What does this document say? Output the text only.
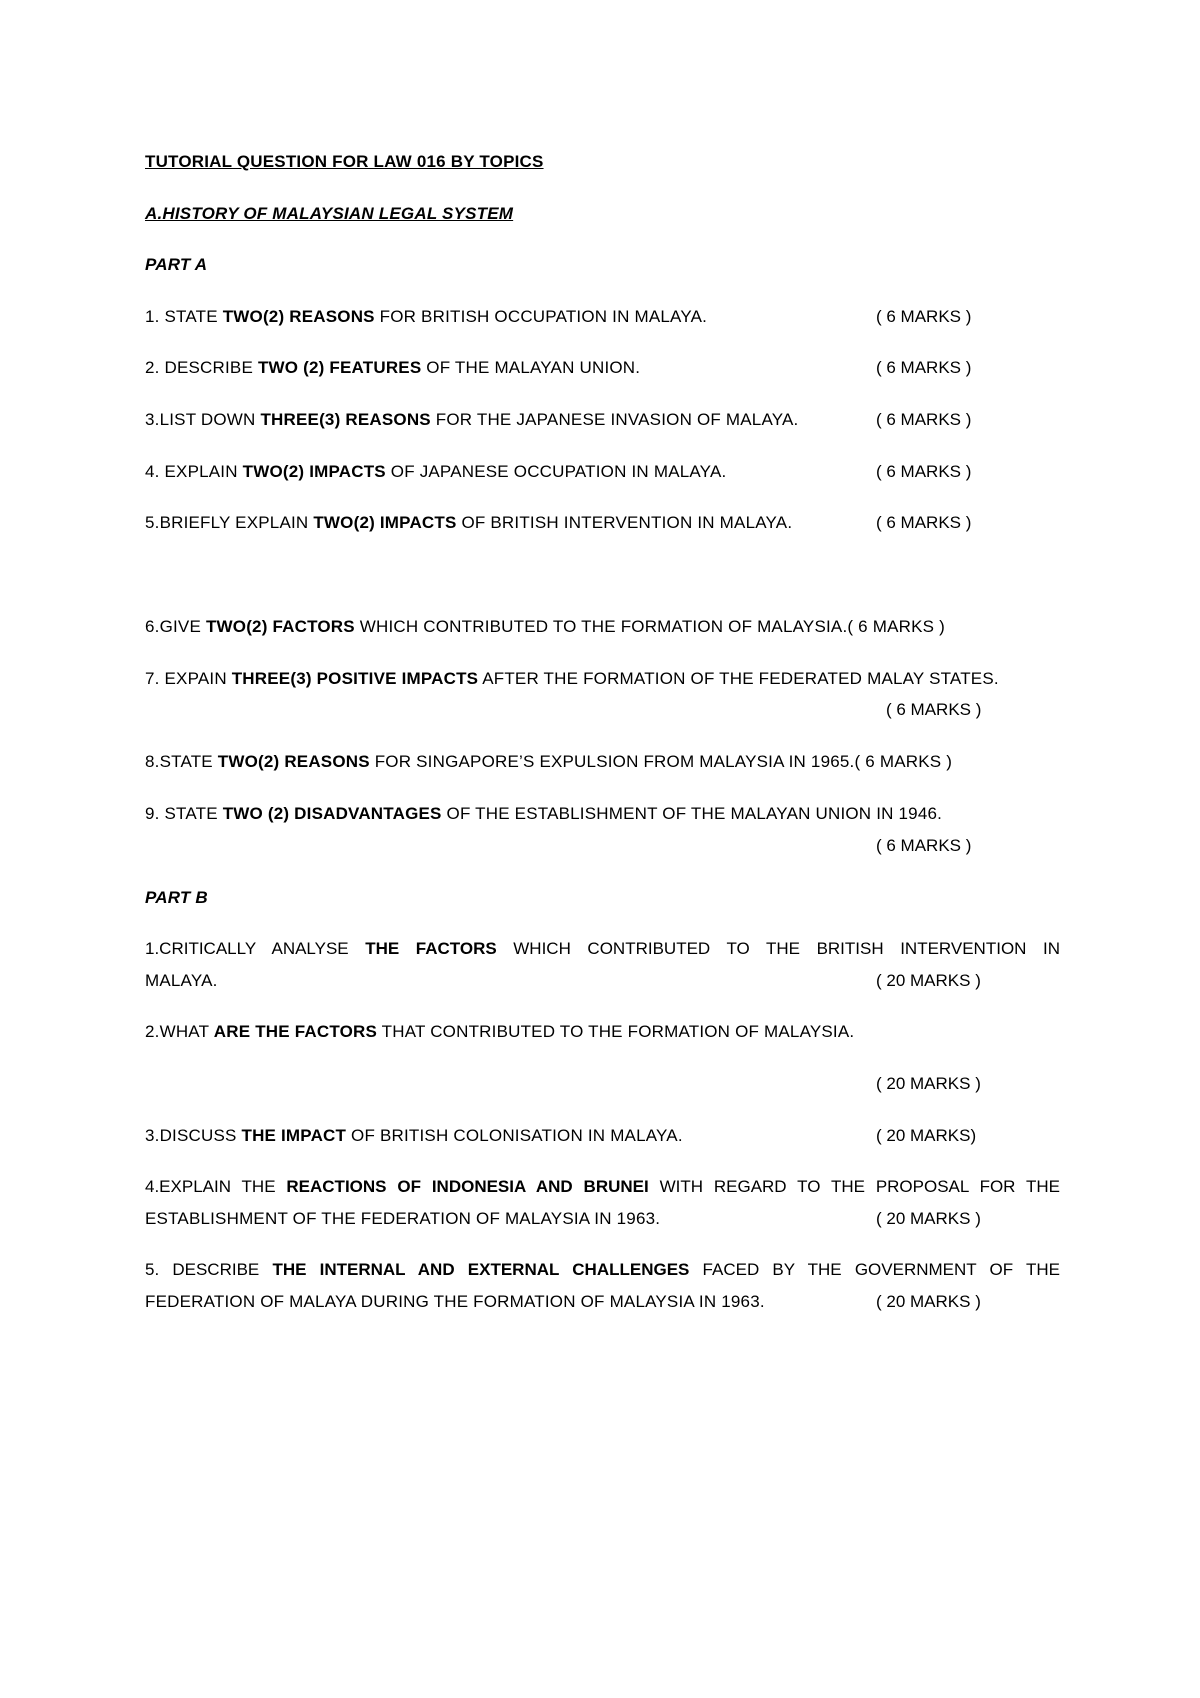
TUTORIAL QUESTION FOR LAW 016 BY TOPICS
A.HISTORY OF MALAYSIAN LEGAL SYSTEM
PART A
1. STATE TWO(2) REASONS FOR BRITISH OCCUPATION IN MALAYA.	( 6 MARKS )
2. DESCRIBE TWO (2) FEATURES OF THE MALAYAN UNION.	( 6 MARKS )
3.LIST DOWN THREE(3) REASONS FOR THE JAPANESE INVASION OF MALAYA.	( 6 MARKS )
4. EXPLAIN TWO(2) IMPACTS OF JAPANESE OCCUPATION IN MALAYA.	( 6 MARKS )
5.BRIEFLY EXPLAIN TWO(2) IMPACTS OF BRITISH INTERVENTION IN MALAYA.	( 6 MARKS )
6.GIVE TWO(2) FACTORS WHICH CONTRIBUTED TO THE FORMATION OF MALAYSIA.( 6 MARKS )
7. EXPAIN THREE(3) POSITIVE IMPACTS AFTER THE FORMATION OF THE FEDERATED MALAY STATES.
( 6 MARKS )
8.STATE TWO(2) REASONS FOR SINGAPORE’S EXPULSION FROM MALAYSIA IN 1965.( 6 MARKS )
9. STATE TWO (2) DISADVANTAGES OF THE ESTABLISHMENT OF THE MALAYAN UNION IN 1946.
( 6 MARKS )
PART B
1.CRITICALLY ANALYSE THE FACTORS WHICH CONTRIBUTED TO THE BRITISH INTERVENTION IN
MALAYA.	( 20 MARKS )
2.WHAT ARE THE FACTORS THAT CONTRIBUTED TO THE FORMATION OF MALAYSIA.
( 20 MARKS )
3.DISCUSS THE IMPACT OF BRITISH COLONISATION IN MALAYA.	( 20 MARKS)
4.EXPLAIN THE REACTIONS OF INDONESIA AND BRUNEI WITH REGARD TO THE PROPOSAL FOR THE
ESTABLISHMENT OF THE FEDERATION OF MALAYSIA IN 1963.	( 20 MARKS )
5. DESCRIBE THE INTERNAL AND EXTERNAL CHALLENGES FACED BY THE GOVERNMENT OF THE
FEDERATION OF MALAYA DURING THE FORMATION OF MALAYSIA IN 1963.	( 20 MARKS )
